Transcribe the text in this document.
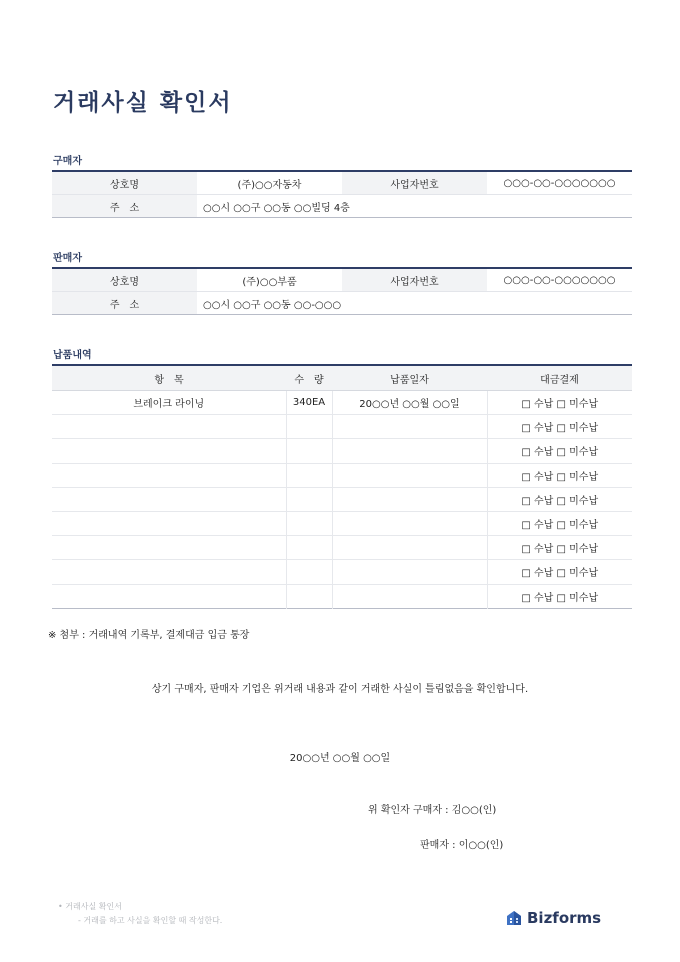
거래사실 확인서
구매자
상호명	(주)○○자동차	사업자번호	○○○-○○-○○○○○○○
주　소	○○시 ○○구 ○○동 ○○빌딩 4층		
판매자
상호명	(주)○○부품	사업자번호	○○○-○○-○○○○○○○
주　소	○○시 ○○구 ○○동 ○○-○○○		
납품내역
항　목	수　량	납품일자	대금결제
브레이크 라이닝	340EA	20○○년 ○○월 ○○일	□ 수납 □ 미수납
			□ 수납 □ 미수납
			□ 수납 □ 미수납
			□ 수납 □ 미수납
			□ 수납 □ 미수납
			□ 수납 □ 미수납
			□ 수납 □ 미수납
			□ 수납 □ 미수납
			□ 수납 □ 미수납
※ 첨부 : 거래내역 기록부, 결제대금 입금 통장
상기 구매자, 판매자 기업은 위거래 내용과 같이 거래한 사실이 틀림없음을 확인합니다.
20○○년 ○○월 ○○일
위 확인자 구매자 : 김○○(인)
판매자 : 이○○(인)
• 거래사실 확인서
- 거래를 하고 사실을 확인할 때 작성한다.	Bizforms
